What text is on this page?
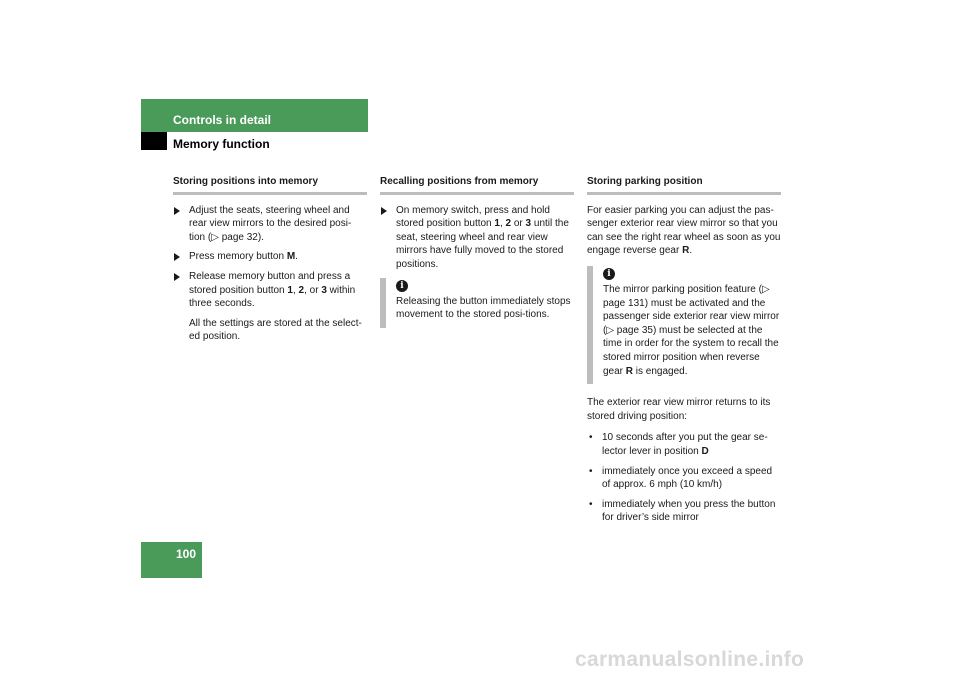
Controls in detail
Memory function
Storing positions into memory
Adjust the seats, steering wheel and rear view mirrors to the desired posi-tion (▷ page 32).
Press memory button M.
Release memory button and press a stored position button 1, 2, or 3 within three seconds.
All the settings are stored at the select-ed position.
Recalling positions from memory
On memory switch, press and hold stored position button 1, 2 or 3 until the seat, steering wheel and rear view mirrors have fully moved to the stored positions.
i
Releasing the button immediately stops movement to the stored posi-tions.
Storing parking position
For easier parking you can adjust the pas-senger exterior rear view mirror so that you can see the right rear wheel as soon as you engage reverse gear R.
i
The mirror parking position feature (▷ page 131) must be activated and the passenger side exterior rear view mirror (▷ page 35) must be selected at the time in order for the system to recall the stored mirror position when reverse gear R is engaged.
The exterior rear view mirror returns to its stored driving position:
• 10 seconds after you put the gear se-lector lever in position D
• immediately once you exceed a speed of approx. 6 mph (10 km/h)
• immediately when you press the button for driver’s side mirror
100
carmanualsonline.info
